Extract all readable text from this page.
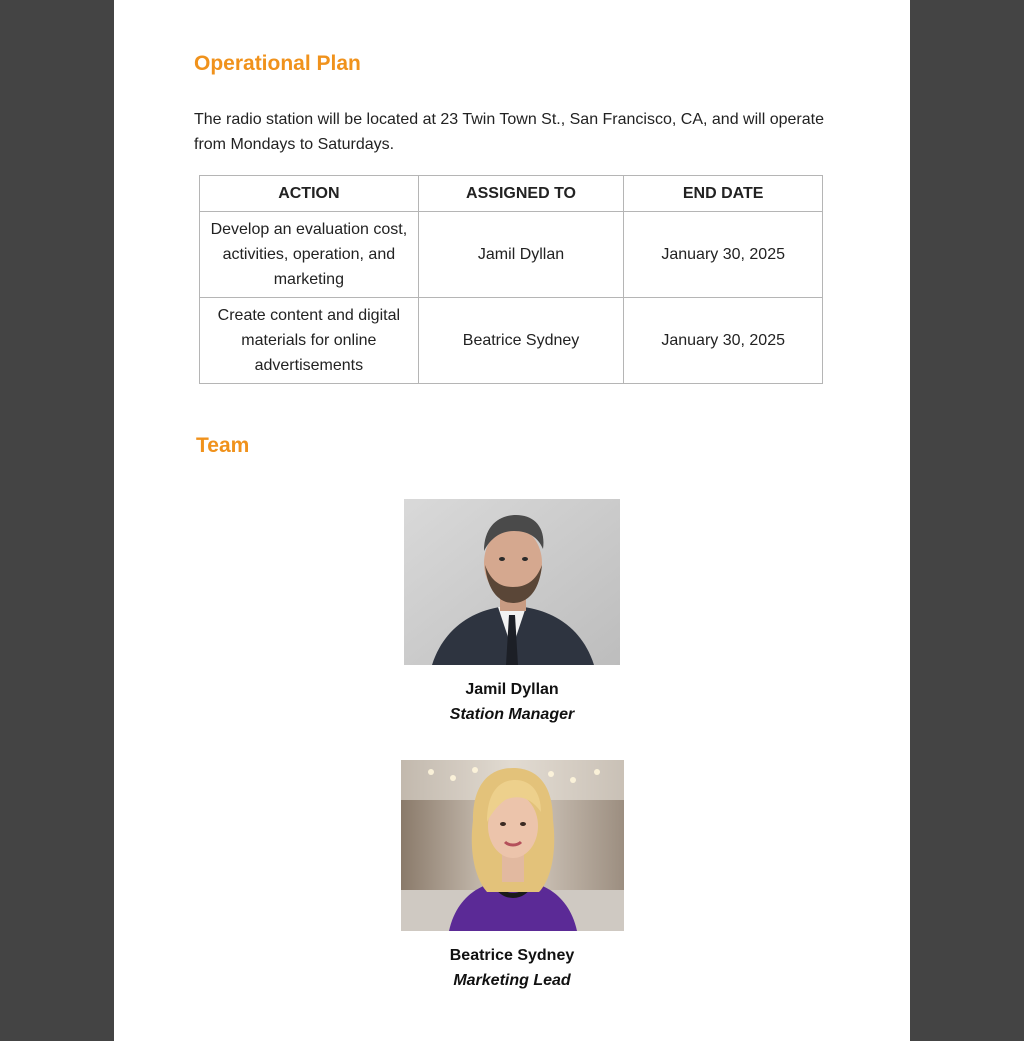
Operational Plan

The radio station will be located at 23 Twin Town St., San Francisco, CA, and will operate from Mondays to Saturdays.

ACTION	ASSIGNED TO	END DATE
Develop an evaluation cost, activities, operation, and marketing	Jamil Dyllan	January 30, 2025
Create content and digital materials for online advertisements	Beatrice Sydney	January 30, 2025
Team
Jamil Dyllan
Station Manager
Beatrice Sydney
Marketing Lead
